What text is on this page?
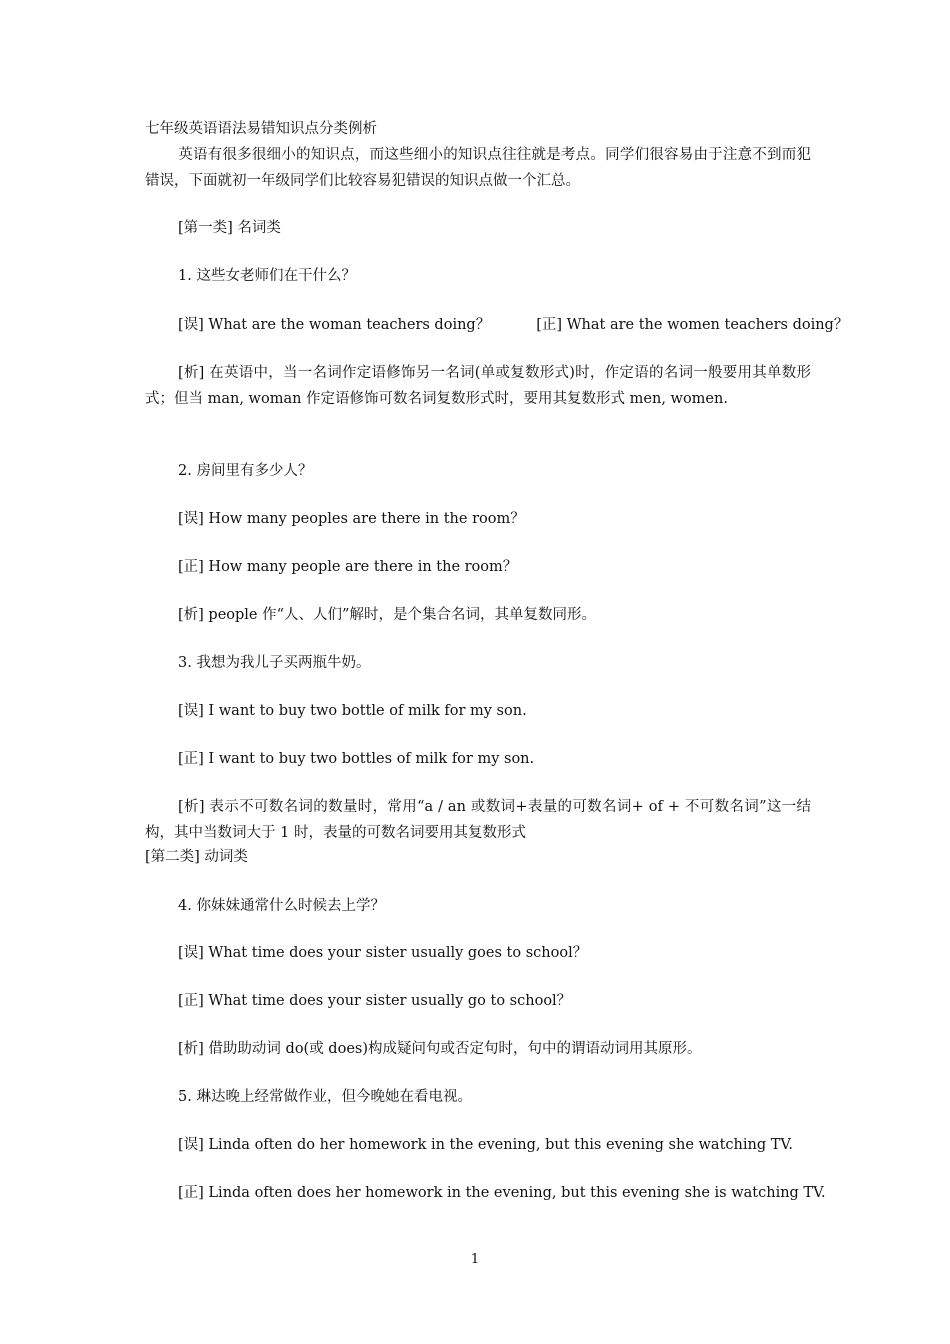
七年级英语语法易错知识点分类例析
英语有很多很细小的知识点，而这些细小的知识点往往就是考点。同学们很容易由于注意不到而犯错误，下面就初一年级同学们比较容易犯错误的知识点做一个汇总。
[第一类] 名词类
1. 这些女老师们在干什么？
[误] What are the woman teachers doing？	[正] What are the women teachers doing？
[析] 在英语中，当一名词作定语修饰另一名词(单或复数形式)时，作定语的名词一般要用其单数形式；但当 man, woman 作定语修饰可数名词复数形式时，要用其复数形式 men, women.
2. 房间里有多少人？
[误] How many peoples are there in the room？
[正] How many people are there in the room？
[析] people 作“人、人们”解时，是个集合名词，其单复数同形。
3. 我想为我儿子买两瓶牛奶。
[误] I want to buy two bottle of milk for my son.
[正] I want to buy two bottles of milk for my son.
[析] 表示不可数名词的数量时，常用“a / an 或数词+表量的可数名词+ of + 不可数名词”这一结构，其中当数词大于 1 时，表量的可数名词要用其复数形式
[第二类] 动词类
4. 你妹妹通常什么时候去上学？
[误] What time does your sister usually goes to school？
[正] What time does your sister usually go to school？
[析] 借助助动词 do(或 does)构成疑问句或否定句时，句中的谓语动词用其原形。
5. 琳达晚上经常做作业，但今晚她在看电视。
[误] Linda often do her homework in the evening, but this evening she watching TV.
[正] Linda often does her homework in the evening, but this evening she is watching TV.
1
